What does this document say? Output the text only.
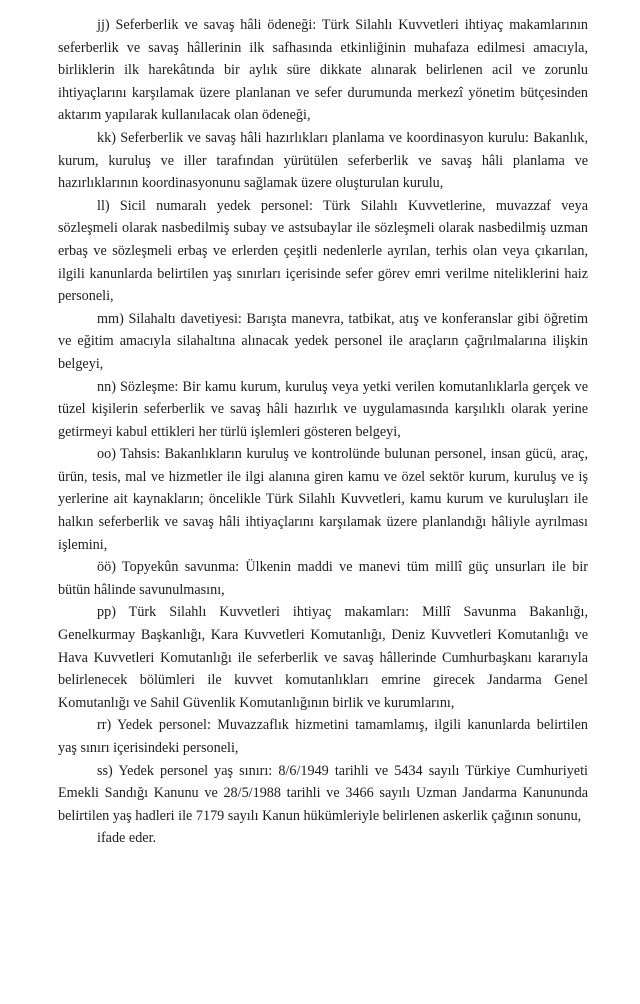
jj) Seferberlik ve savaş hâli ödeneği: Türk Silahlı Kuvvetleri ihtiyaç makamlarının seferberlik ve savaş hâllerinin ilk safhasında etkinliğinin muhafaza edilmesi amacıyla, birliklerin ilk harekâtında bir aylık süre dikkate alınarak belirlenen acil ve zorunlu ihtiyaçlarını karşılamak üzere planlanan ve sefer durumunda merkezî yönetim bütçesinden aktarım yapılarak kullanılacak olan ödeneği,

kk) Seferberlik ve savaş hâli hazırlıkları planlama ve koordinasyon kurulu: Bakanlık, kurum, kuruluş ve iller tarafından yürütülen seferberlik ve savaş hâli planlama ve hazırlıklarının koordinasyonunu sağlamak üzere oluşturulan kurulu,

ll) Sicil numaralı yedek personel: Türk Silahlı Kuvvetlerine, muvazzaf veya sözleşmeli olarak nasbedilmiş subay ve astsubaylar ile sözleşmeli olarak nasbedilmiş uzman erbaş ve sözleşmeli erbaş ve erlerden çeşitli nedenlerle ayrılan, terhis olan veya çıkarılan, ilgili kanunlarda belirtilen yaş sınırları içerisinde sefer görev emri verilme niteliklerini haiz personeli,

mm) Silahaltı davetiyesi: Barışta manevra, tatbikat, atış ve konferanslar gibi öğretim ve eğitim amacıyla silahaltına alınacak yedek personel ile araçların çağrılmalarına ilişkin belgeyi,

nn) Sözleşme: Bir kamu kurum, kuruluş veya yetki verilen komutanlıklarla gerçek ve tüzel kişilerin seferberlik ve savaş hâli hazırlık ve uygulamasında karşılıklı olarak yerine getirmeyi kabul ettikleri her türlü işlemleri gösteren belgeyi,

oo) Tahsis: Bakanlıkların kuruluş ve kontrolünde bulunan personel, insan gücü, araç, ürün, tesis, mal ve hizmetler ile ilgi alanına giren kamu ve özel sektör kurum, kuruluş ve iş yerlerine ait kaynakların; öncelikle Türk Silahlı Kuvvetleri, kamu kurum ve kuruluşları ile halkın seferberlik ve savaş hâli ihtiyaçlarını karşılamak üzere planlandığı hâliyle ayrılması işlemini,

öö) Topyekûn savunma: Ülkenin maddi ve manevi tüm millî güç unsurları ile bir bütün hâlinde savunulmasını,

pp) Türk Silahlı Kuvvetleri ihtiyaç makamları: Millî Savunma Bakanlığı, Genelkurmay Başkanlığı, Kara Kuvvetleri Komutanlığı, Deniz Kuvvetleri Komutanlığı ve Hava Kuvvetleri Komutanlığı ile seferberlik ve savaş hâllerinde Cumhurbaşkanı kararıyla belirlenecek bölümleri ile kuvvet komutanlıkları emrine girecek Jandarma Genel Komutanlığı ve Sahil Güvenlik Komutanlığının birlik ve kurumlarını,

rr) Yedek personel: Muvazzaflık hizmetini tamamlamış, ilgili kanunlarda belirtilen yaş sınırı içerisindeki personeli,

ss) Yedek personel yaş sınırı: 8/6/1949 tarihli ve 5434 sayılı Türkiye Cumhuriyeti Emekli Sandığı Kanunu ve 28/5/1988 tarihli ve 3466 sayılı Uzman Jandarma Kanununda belirtilen yaş hadleri ile 7179 sayılı Kanun hükümleriyle belirlenen askerlik çağının sonunu,

ifade eder.
